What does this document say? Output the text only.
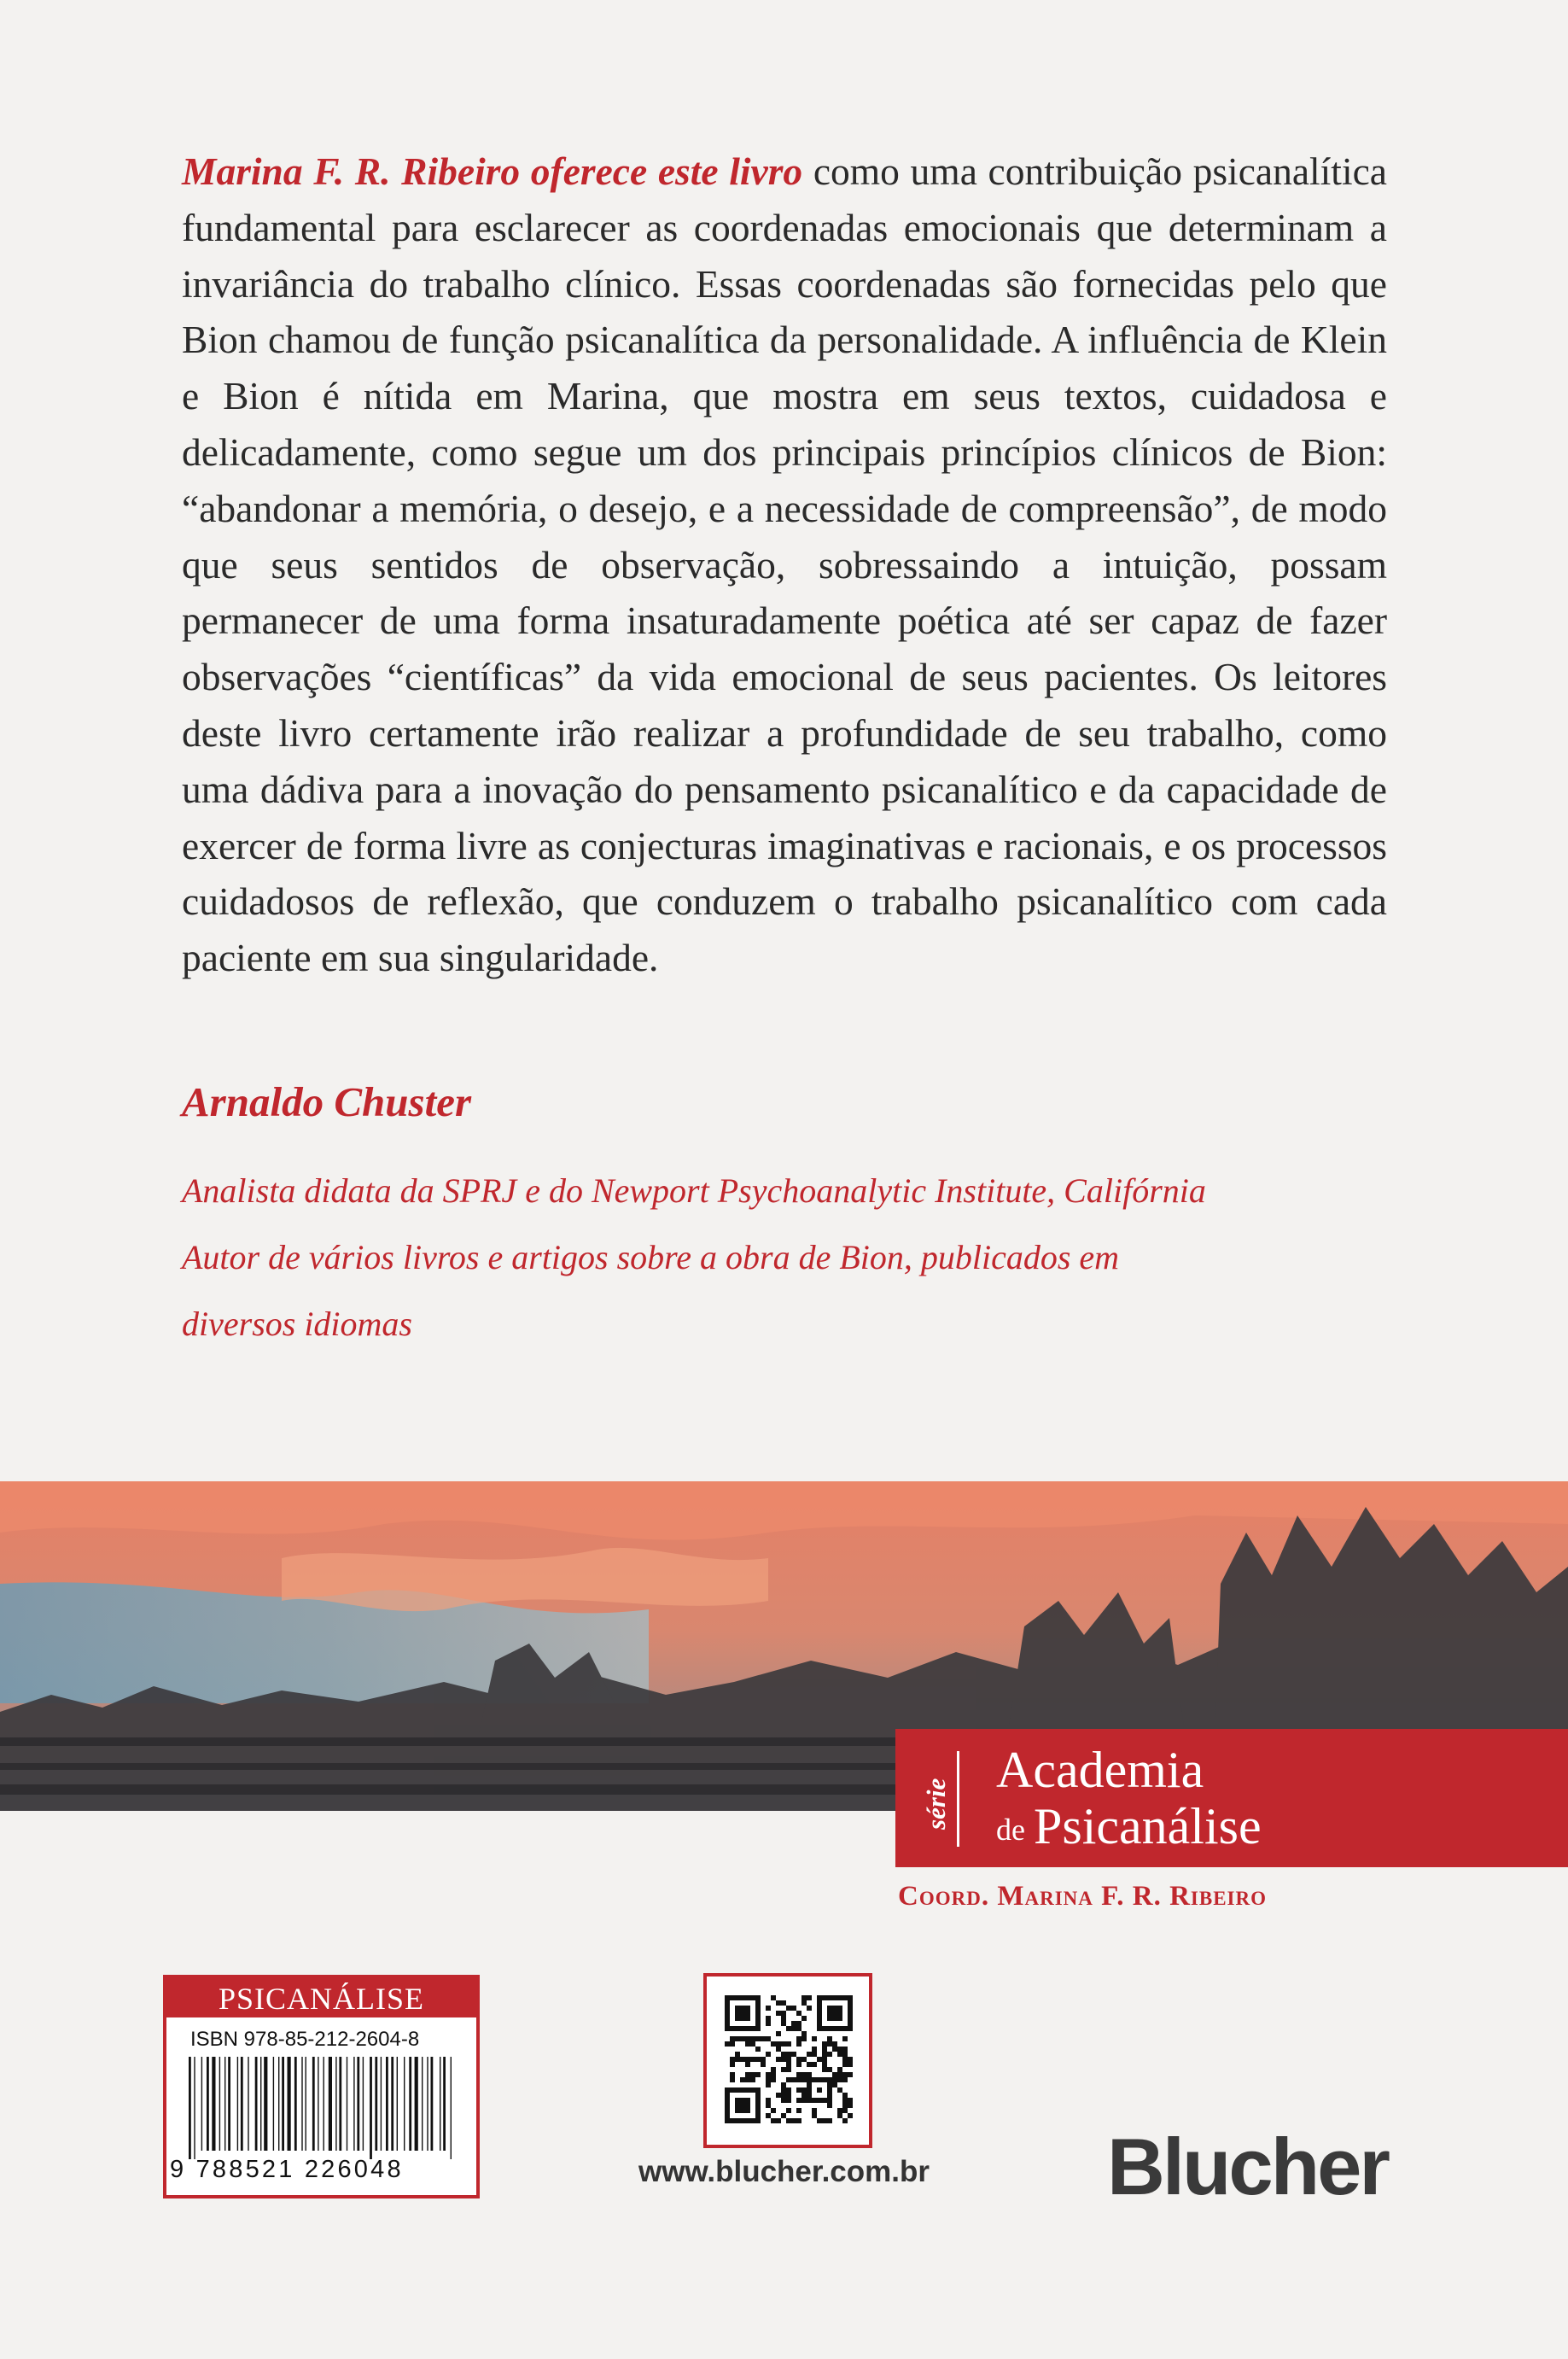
Marina F. R. Ribeiro oferece este livro como uma contribuição psicanalítica fundamental para esclarecer as coordenadas emocionais que determinam a invariância do trabalho clínico. Essas coordenadas são fornecidas pelo que Bion chamou de função psicanalítica da personalidade. A influência de Klein e Bion é nítida em Marina, que mostra em seus textos, cuidadosa e delicadamente, como segue um dos principais princípios clínicos de Bion: “abandonar a memória, o desejo, e a necessidade de compreensão”, de modo que seus sentidos de observação, sobressaindo a intuição, possam permanecer de uma forma insaturadamente poética até ser capaz de fazer observações “científicas” da vida emocional de seus pacientes. Os leitores deste livro certamente irão realizar a profundidade de seu trabalho, como uma dádiva para a inovação do pensamento psicanalítico e da capacidade de exercer de forma livre as conjecturas imaginativas e racionais, e os processos cuidadosos de reflexão, que conduzem o trabalho psicanalítico com cada paciente em sua singularidade.

Arnaldo Chuster

Analista didata da SPRJ e do Newport Psychoanalytic Institute, Califórnia

Autor de vários livros e artigos sobre a obra de Bion, publicados em

diversos idiomas

série
Academia
de Psicanálise

Coord. Marina F. R. Ribeiro

PSICANÁLISE
ISBN 978-85-212-2604-8
9 788521 226048	www.blucher.com.br Blucher
